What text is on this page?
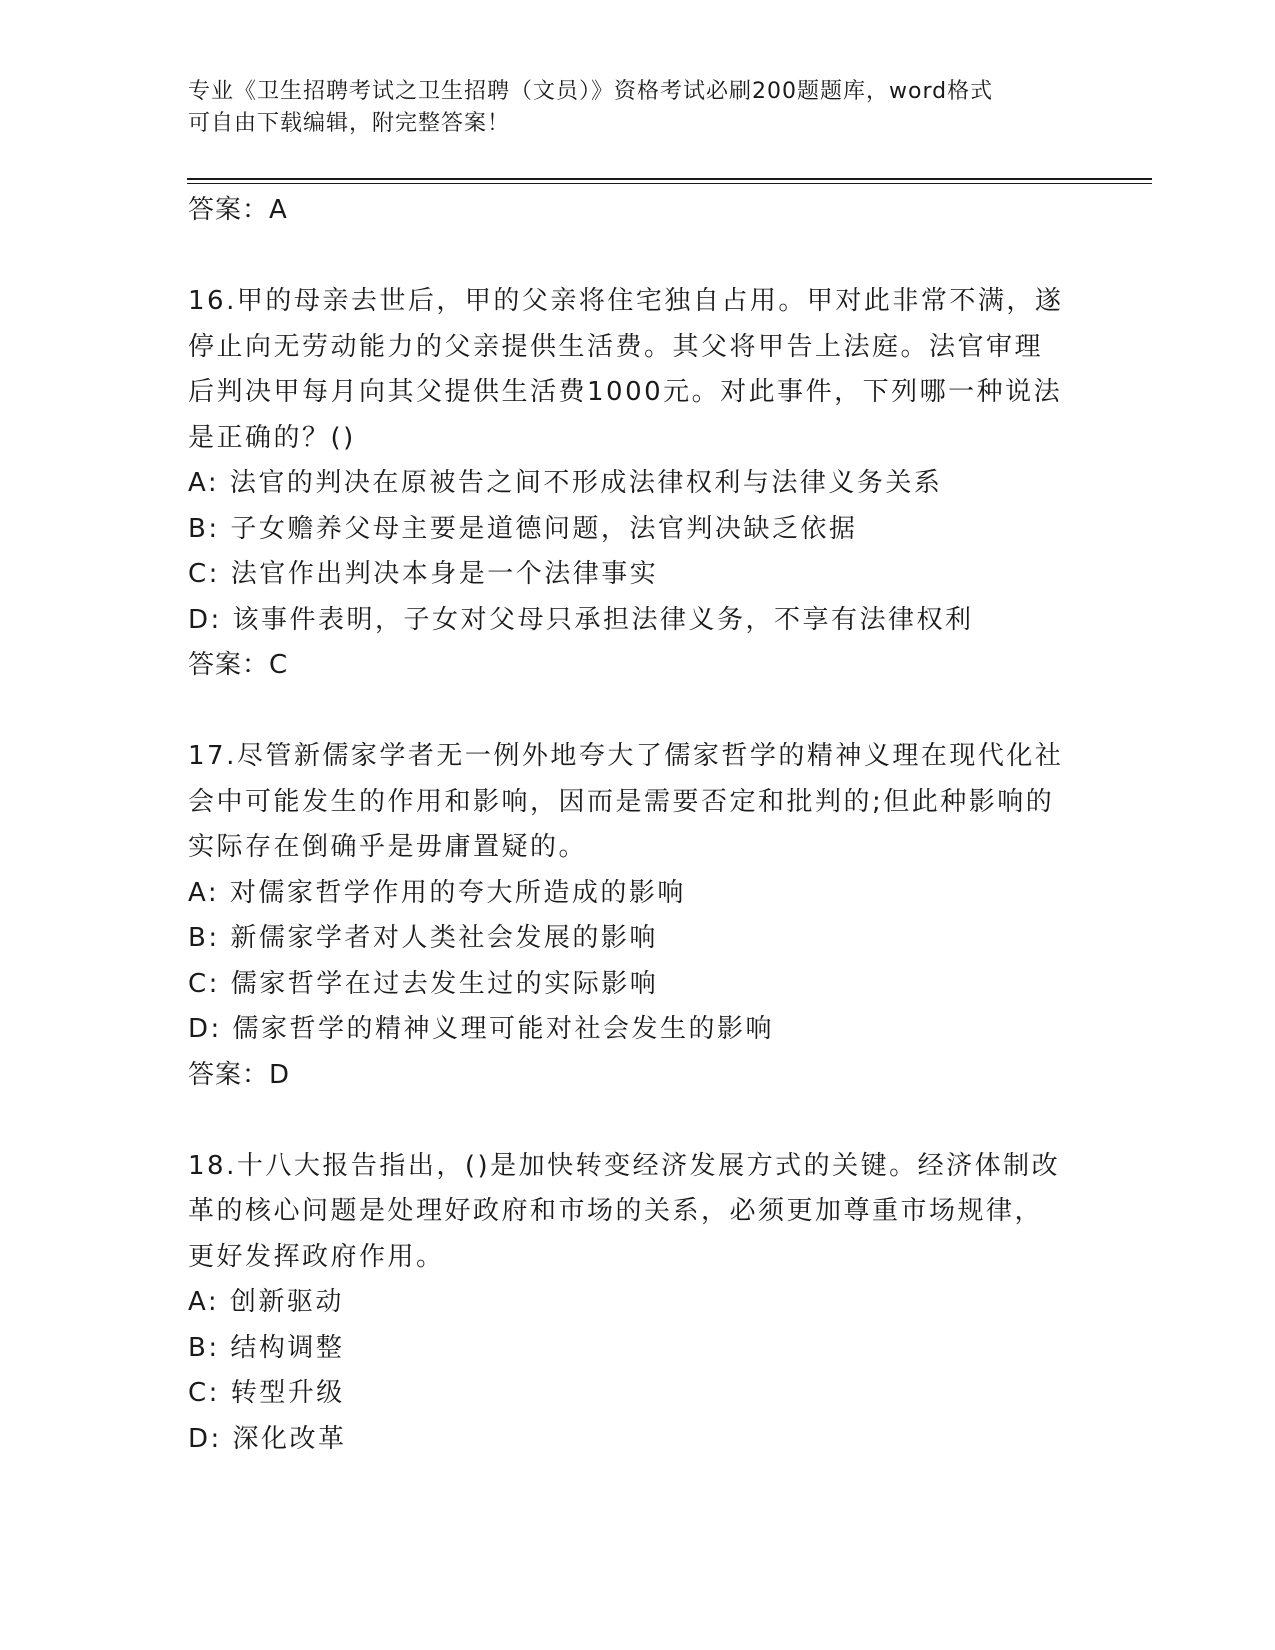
专业《卫生招聘考试之卫生招聘（文员）》资格考试必刷200题题库，word格式
可自由下载编辑，附完整答案！
答案：A
16.甲的母亲去世后，甲的父亲将住宅独自占用。甲对此非常不满，遂
停止向无劳动能力的父亲提供生活费。其父将甲告上法庭。法官审理
后判决甲每月向其父提供生活费1000元。对此事件，下列哪一种说法
是正确的？()
A: 法官的判决在原被告之间不形成法律权利与法律义务关系
B: 子女赡养父母主要是道德问题，法官判决缺乏依据
C: 法官作出判决本身是一个法律事实
D: 该事件表明，子女对父母只承担法律义务，不享有法律权利
答案：C
17.尽管新儒家学者无一例外地夸大了儒家哲学的精神义理在现代化社
会中可能发生的作用和影响，因而是需要否定和批判的;但此种影响的
实际存在倒确乎是毋庸置疑的。
A: 对儒家哲学作用的夸大所造成的影响
B: 新儒家学者对人类社会发展的影响
C: 儒家哲学在过去发生过的实际影响
D: 儒家哲学的精神义理可能对社会发生的影响
答案：D
18.十八大报告指出，()是加快转变经济发展方式的关键。经济体制改
革的核心问题是处理好政府和市场的关系，必须更加尊重市场规律，
更好发挥政府作用。
A: 创新驱动
B: 结构调整
C: 转型升级
D: 深化改革
